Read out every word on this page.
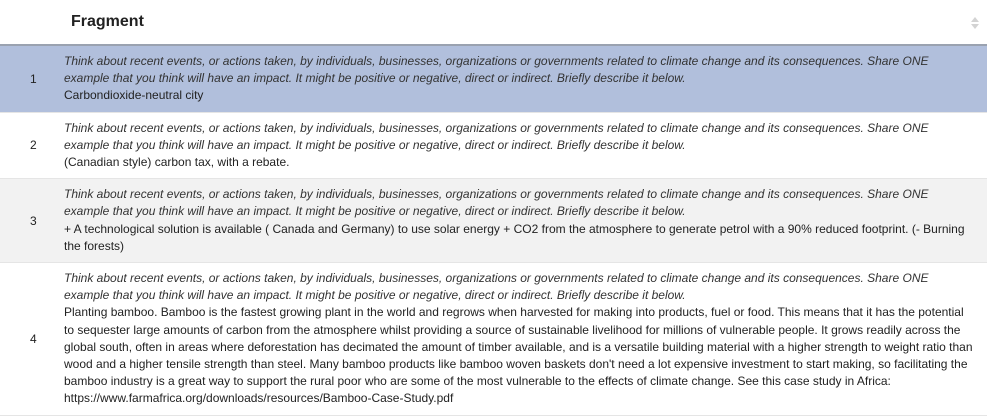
Fragment
1
Think about recent events, or actions taken, by individuals, businesses, organizations or governments related to climate change and its consequences. Share ONE example that you think will have an impact. It might be positive or negative, direct or indirect. Briefly describe it below.
Carbondioxide-neutral city
2
Think about recent events, or actions taken, by individuals, businesses, organizations or governments related to climate change and its consequences. Share ONE example that you think will have an impact. It might be positive or negative, direct or indirect. Briefly describe it below.
(Canadian style) carbon tax, with a rebate.
3
Think about recent events, or actions taken, by individuals, businesses, organizations or governments related to climate change and its consequences. Share ONE example that you think will have an impact. It might be positive or negative, direct or indirect. Briefly describe it below.
+ A technological solution is available ( Canada and Germany) to use solar energy + CO2 from the atmosphere to generate petrol with a 90% reduced footprint. (- Burning the forests)
4
Think about recent events, or actions taken, by individuals, businesses, organizations or governments related to climate change and its consequences. Share ONE example that you think will have an impact. It might be positive or negative, direct or indirect. Briefly describe it below.
Planting bamboo. Bamboo is the fastest growing plant in the world and regrows when harvested for making into products, fuel or food. This means that it has the potential to sequester large amounts of carbon from the atmosphere whilst providing a source of sustainable livelihood for millions of vulnerable people. It grows readily across the global south, often in areas where deforestation has decimated the amount of timber available, and is a versatile building material with a higher strength to weight ratio than wood and a higher tensile strength than steel. Many bamboo products like bamboo woven baskets don't need a lot expensive investment to start making, so facilitating the bamboo industry is a great way to support the rural poor who are some of the most vulnerable to the effects of climate change. See this case study in Africa: https://www.farmafrica.org/downloads/resources/Bamboo-Case-Study.pdf
